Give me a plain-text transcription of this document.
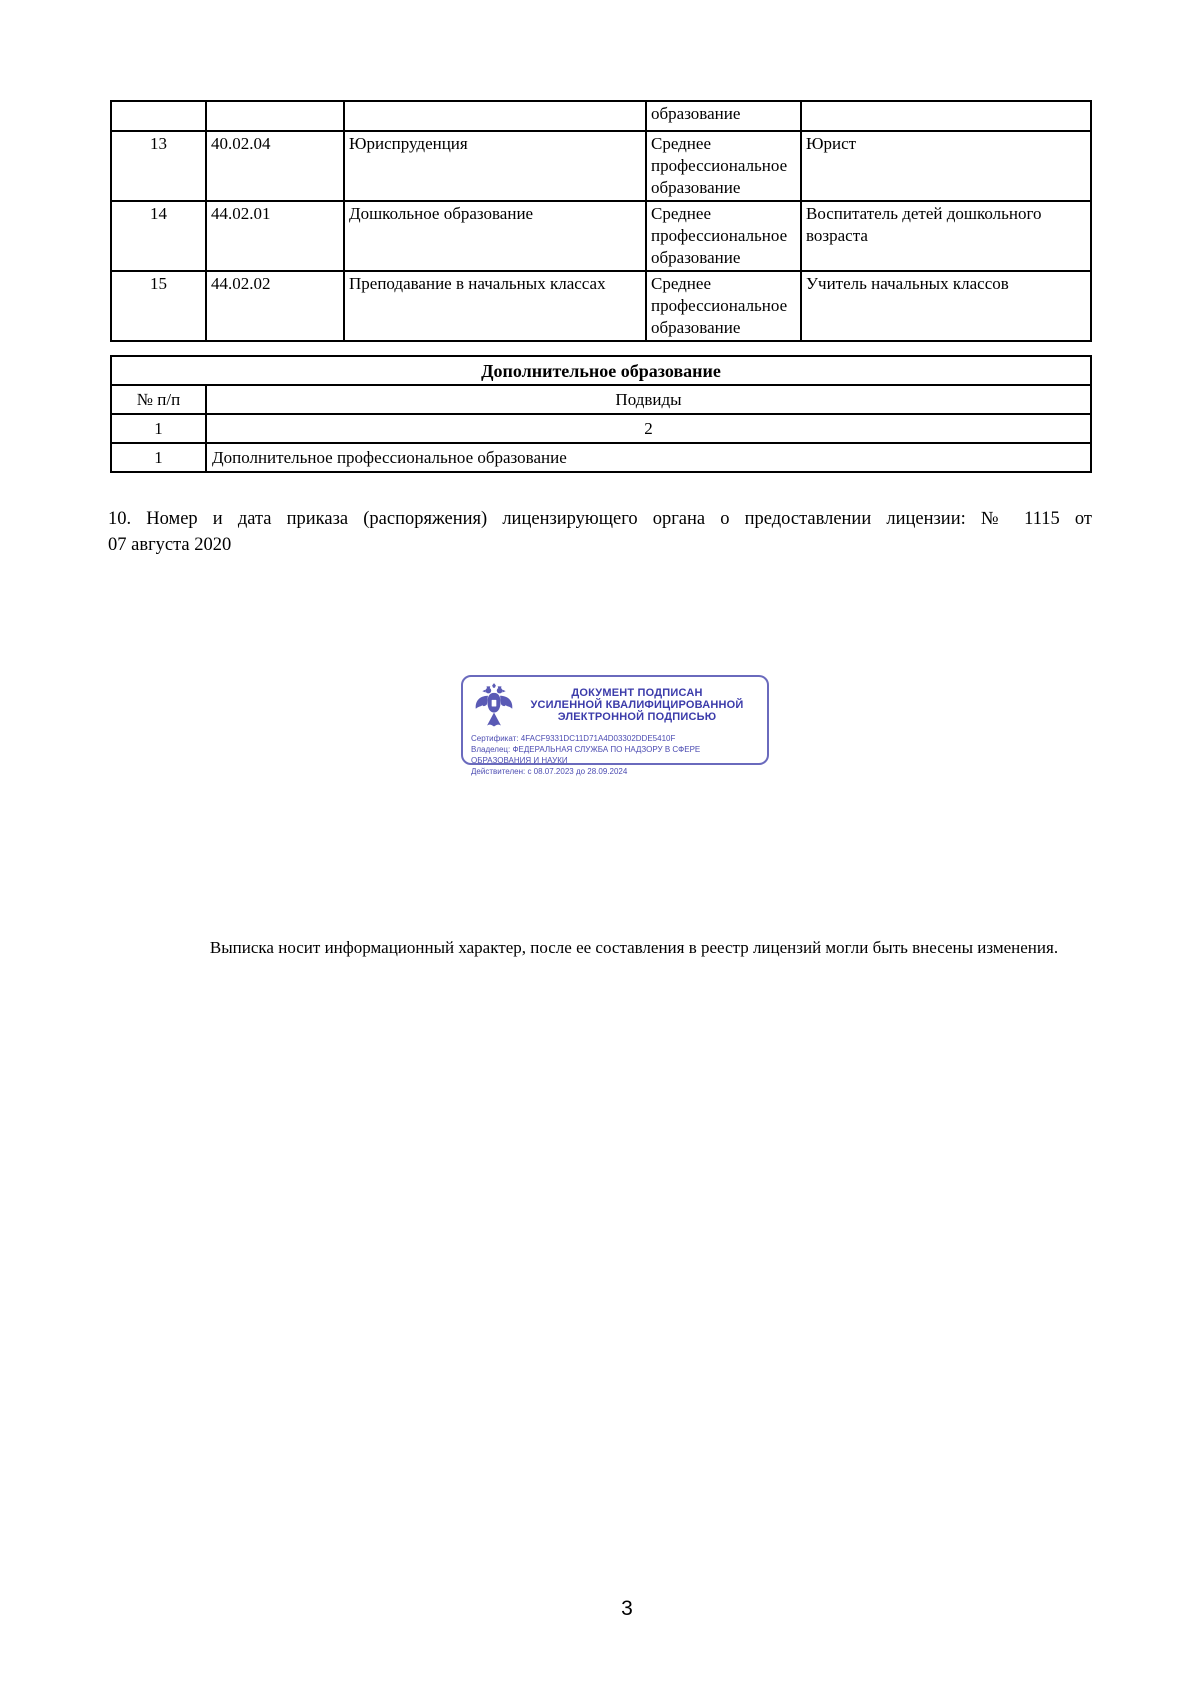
			образование	
13	40.02.04	Юриспруденция	Среднее профессиональное образование	Юрист
14	44.02.01	Дошкольное образование	Среднее профессиональное образование	Воспитатель детей дошкольного возраста
15	44.02.02	Преподавание в начальных классах	Среднее профессиональное образование	Учитель начальных классов
Дополнительное образование	
№ п/п	Подвиды
1	2
1	Дополнительное профессиональное образование
10. Номер и дата приказа (распоряжения) лицензирующего органа о предоставлении лицензии: № 1115 от
07 августа 2020
ДОКУМЕНТ ПОДПИСАН
УСИЛЕННОЙ КВАЛИФИЦИРОВАННОЙ
ЭЛЕКТРОННОЙ ПОДПИСЬЮ
Сертификат: 4FACF9331DC11D71A4D03302DDE5410F
Владелец: ФЕДЕРАЛЬНАЯ СЛУЖБА ПО НАДЗОРУ В СФЕРЕ ОБРАЗОВАНИЯ И НАУКИ
Действителен: с 08.07.2023 до 28.09.2024
Выписка носит информационный характер, после ее составления в реестр лицензий могли быть внесены изменения.
3
